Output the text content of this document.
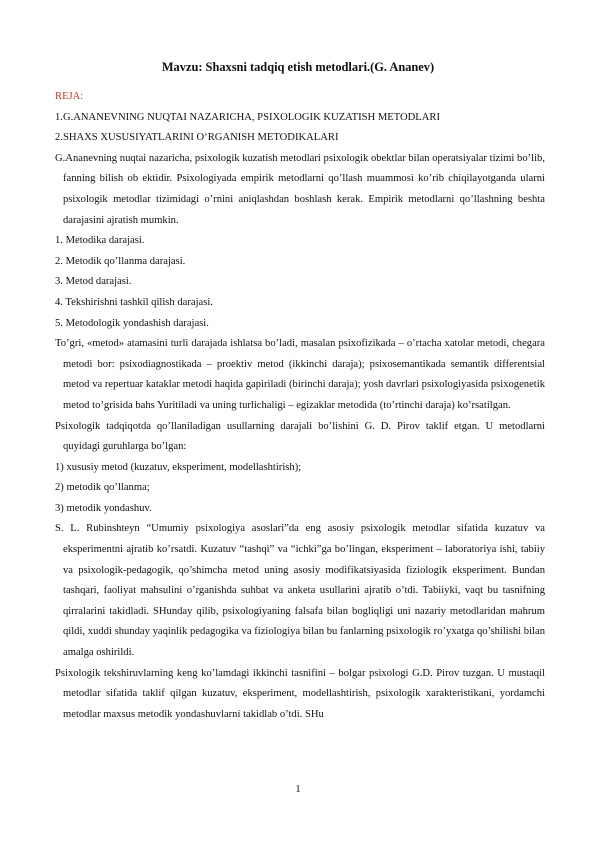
Mavzu: Shaxsni tadqiq etish metodlari.(G. Ananev)
REJA:
1.G.ANANEVNING NUQTAI NAZARICHA, PSIXOLOGIK KUZATISH METODLARI
2.SHAXS XUSUSIYATLARINI O‘RGANISH METODIKALARI
G.Ananevning nuqtai nazaricha, psixologik kuzatish metodlari psixologik obektlar bilan operatsiyalar tizimi bo’lib, fanning bilish ob ektidir. Psixologiyada empirik metodlarni qo’llash muammosi ko’rib chiqilayotganda ularni psixologik metodlar tizimidagi o’rnini aniqlashdan boshlash kerak. Empirik metodlarni qo’llashning beshta darajasini ajratish mumkin.
1. Metodika darajasi.
2. Metodik qo’llanma darajasi.
3. Metod darajasi.
4. Tekshirishni tashkil qilish darajasi.
5. Metodologik yondashish darajasi.
To’gri, «metod» atamasini turli darajada ishlatsa bo’ladi, masalan psixofizikada – o’rtacha xatolar metodi, chegara metodi bor: psixodiagnostikada – proektiv metod (ikkinchi daraja); psixosemantikada semantik differentsial metod va repertuar kataklar metodi haqida gapiriladi (birinchi daraja); yosh davrlari psixologiyasida psixogenetik metod to’grisida bahs Yuritiladi va uning turlichaligi – egizaklar metodida (to’rtinchi daraja) ko’rsatilgan.
Psixologik tadqiqotda qo’llaniladigan usullarning darajali bo’lishini G. D. Pirov taklif etgan. U metodlarni quyidagi guruhlarga bo’lgan:
1) xususiy metod (kuzatuv, eksperiment, modellashtirish);
2) metodik qo’llanma;
3) metodik yondashuv.
S. L. Rubinshteyn “Umumiy psixologiya asoslari”da eng asosiy psixologik metodlar sifatida kuzatuv va eksperimentni ajratib ko’rsatdi. Kuzatuv “tashqi” va “ichki”ga bo’lingan, eksperiment – laboratoriya ishi, tabiiy va psixologik-pedagogik, qo’shimcha metod uning asosiy modifikatsiyasida fiziologik eksperiment. Bundan tashqari, faoliyat mahsulini o’rganishda suhbat va anketa usullarini ajratib o’tdi. Tabiiyki, vaqt bu tasnifning qirralarini takidladi. SHunday qilib, psixologiyaning falsafa bilan bogliqligi uni nazariy metodlaridan mahrum qildi, xuddi shunday yaqinlik pedagogika va fiziologiya bilan bu fanlarning psixologik ro’yxatga qo’shilishi bilan amalga oshirildi.
Psixologik tekshiruvlarning keng ko’lamdagi ikkinchi tasnifini – bolgar psixologi G.D. Pirov tuzgan. U mustaqil metodlar sifatida taklif qilgan kuzatuv, eksperiment, modellashtirish, psixologik xarakteristikani, yordamchi metodlar maxsus metodik yondashuvlarni takidlab o’tdi. SHu
1
